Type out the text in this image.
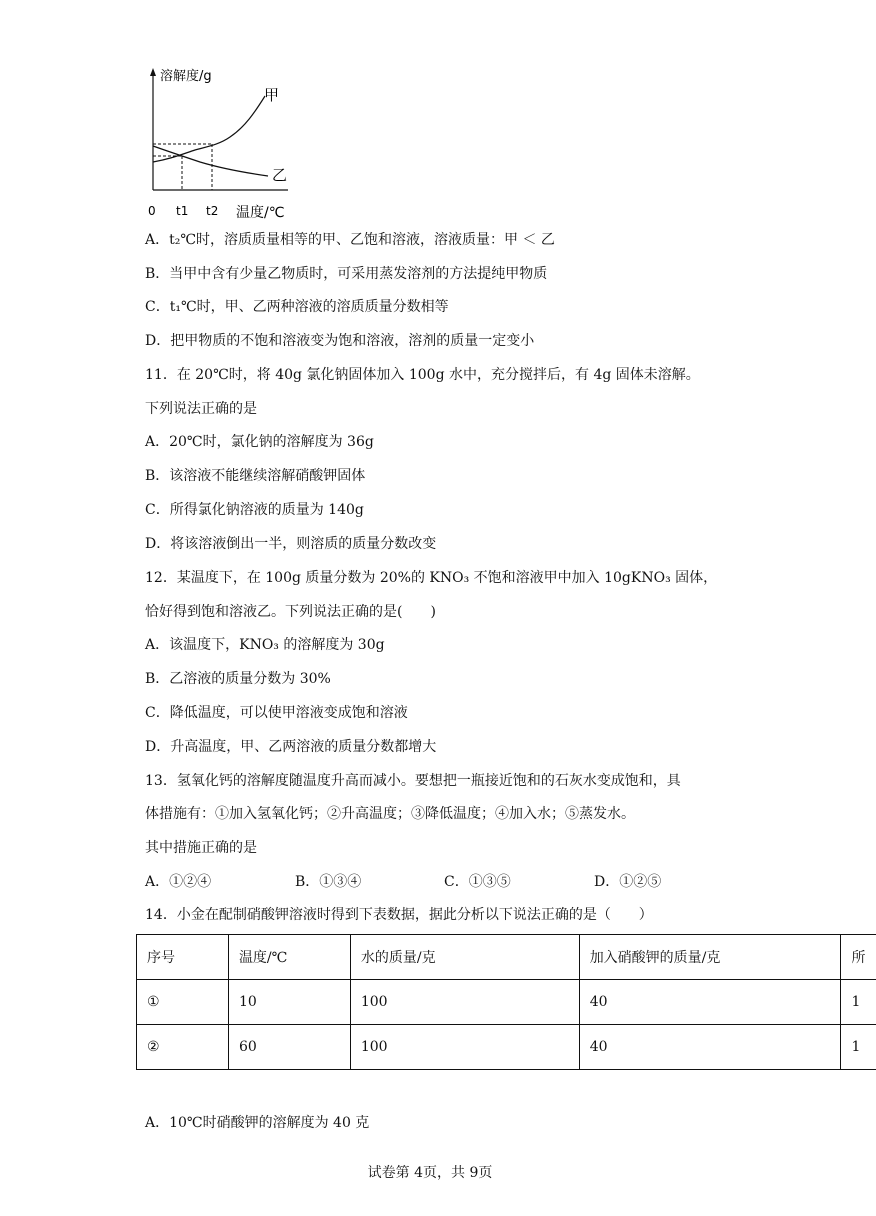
溶解度/g
甲
乙
0 t1 t2 温度/℃
A．t₂℃时，溶质质量相等的甲、乙饱和溶液，溶液质量：甲 ＜ 乙
B．当甲中含有少量乙物质时，可采用蒸发溶剂的方法提纯甲物质
C．t₁℃时，甲、乙两种溶液的溶质质量分数相等
D．把甲物质的不饱和溶液变为饱和溶液，溶剂的质量一定变小
11．在 20℃时，将 40g 氯化钠固体加入 100g 水中，充分搅拌后，有 4g 固体未溶解。
下列说法正确的是
A．20℃时，氯化钠的溶解度为 36g
B．该溶液不能继续溶解硝酸钾固体
C．所得氯化钠溶液的质量为 140g
D．将该溶液倒出一半，则溶质的质量分数改变
12．某温度下，在 100g 质量分数为 20%的 KNO₃ 不饱和溶液甲中加入 10gKNO₃ 固体，
恰好得到饱和溶液乙。下列说法正确的是(　　)
A．该温度下，KNO₃ 的溶解度为 30g
B．乙溶液的质量分数为 30%
C．降低温度，可以使甲溶液变成饱和溶液
D．升高温度，甲、乙两溶液的质量分数都增大
13．氢氧化钙的溶解度随温度升高而减小。要想把一瓶接近饱和的石灰水变成饱和，具
体措施有：①加入氢氧化钙；②升高温度；③降低温度；④加入水；⑤蒸发水。
其中措施正确的是
A．①②④	B．①③④	C．①③⑤	D．①②⑤
14．小金在配制硝酸钾溶液时得到下表数据，据此分析以下说法正确的是（　　）
序号	温度/℃	水的质量/克	加入硝酸钾的质量/克	所
①	10	100	40	1
②	60	100	40	1
A．10℃时硝酸钾的溶解度为 40 克
试卷第 4页，共 9页
